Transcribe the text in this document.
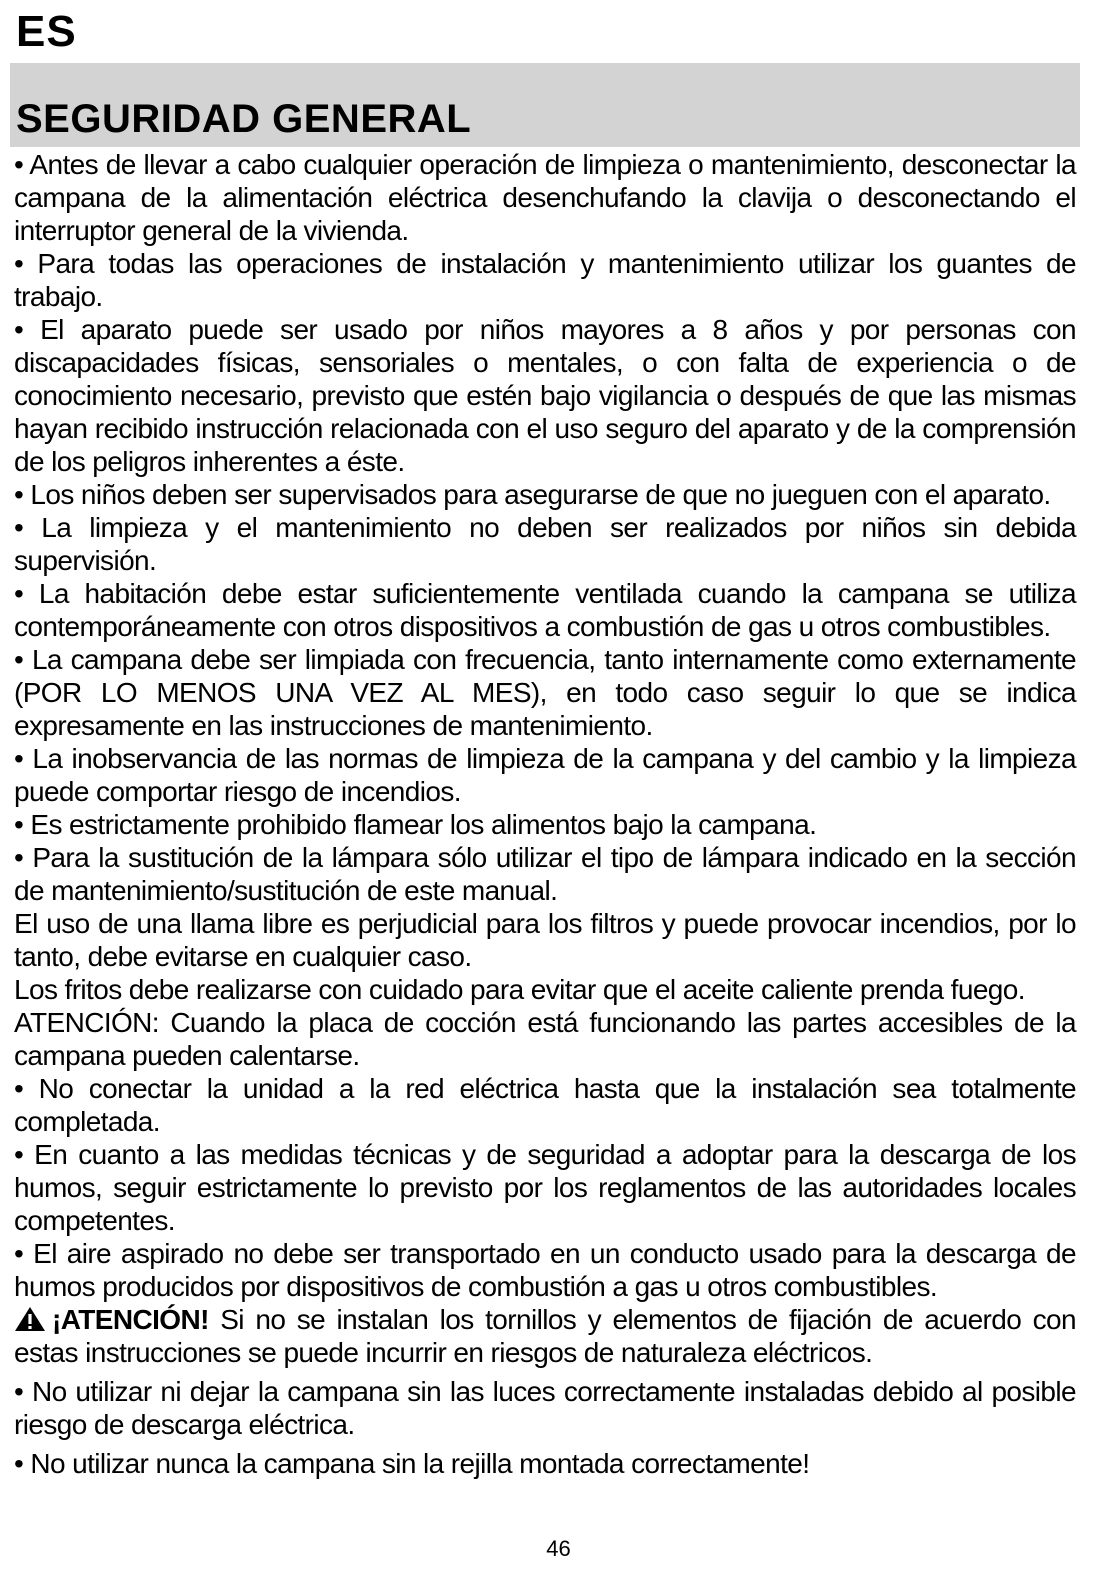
ES
SEGURIDAD GENERAL

• Antes de llevar a cabo cualquier operación de limpieza o mantenimiento, desconectar la campana de la alimentación eléctrica desenchufando la clavija o desconectando el interruptor general de la vivienda.

• Para todas las operaciones de instalación y mantenimiento utilizar los guantes de trabajo.

• El aparato puede ser usado por niños mayores a 8 años y por personas con discapacidades físicas, sensoriales o mentales, o con falta de experiencia o de conocimiento necesario, previsto que estén bajo vigilancia o después de que las mismas hayan recibido instrucción relacionada con el uso seguro del aparato y de la comprensión de los peligros inherentes a éste.

• Los niños deben ser supervisados para asegurarse de que no jueguen con el aparato.

• La limpieza y el mantenimiento no deben ser realizados por niños sin debida supervisión.

• La habitación debe estar suficientemente ventilada cuando la campana se utiliza contemporáneamente con otros dispositivos a combustión de gas u otros combustibles.

• La campana debe ser limpiada con frecuencia, tanto internamente como externamente (POR LO MENOS UNA VEZ AL MES), en todo caso seguir lo que se indica expresamente en las instrucciones de mantenimiento.

• La inobservancia de las normas de limpieza de la campana y del cambio y la limpieza puede comportar riesgo de incendios.

• Es estrictamente prohibido flamear los alimentos bajo la campana.

• Para la sustitución de la lámpara sólo utilizar el tipo de lámpara indicado en la sección de mantenimiento/sustitución de este manual.

El uso de una llama libre es perjudicial para los filtros y puede provocar incendios, por lo tanto, debe evitarse en cualquier caso.

Los fritos debe realizarse con cuidado para evitar que el aceite caliente prenda fuego.

ATENCIÓN: Cuando la placa de cocción está funcionando las partes accesibles de la campana pueden calentarse.

• No conectar la unidad a la red eléctrica hasta que la instalación sea totalmente completada.

• En cuanto a las medidas técnicas y de seguridad a adoptar para la descarga de los humos, seguir estrictamente lo previsto por los reglamentos de las autoridades locales competentes.

• El aire aspirado no debe ser transportado en un conducto usado para la descarga de humos producidos por dispositivos de combustión a gas u otros combustibles.

¡ATENCIÓN! Si no se instalan los tornillos y elementos de fijación de acuerdo con estas instrucciones se puede incurrir en riesgos de naturaleza eléctricos.

• No utilizar ni dejar la campana sin las luces correctamente instaladas debido al posible riesgo de descarga eléctrica.

• No utilizar nunca la campana sin la rejilla montada correctamente!

46
